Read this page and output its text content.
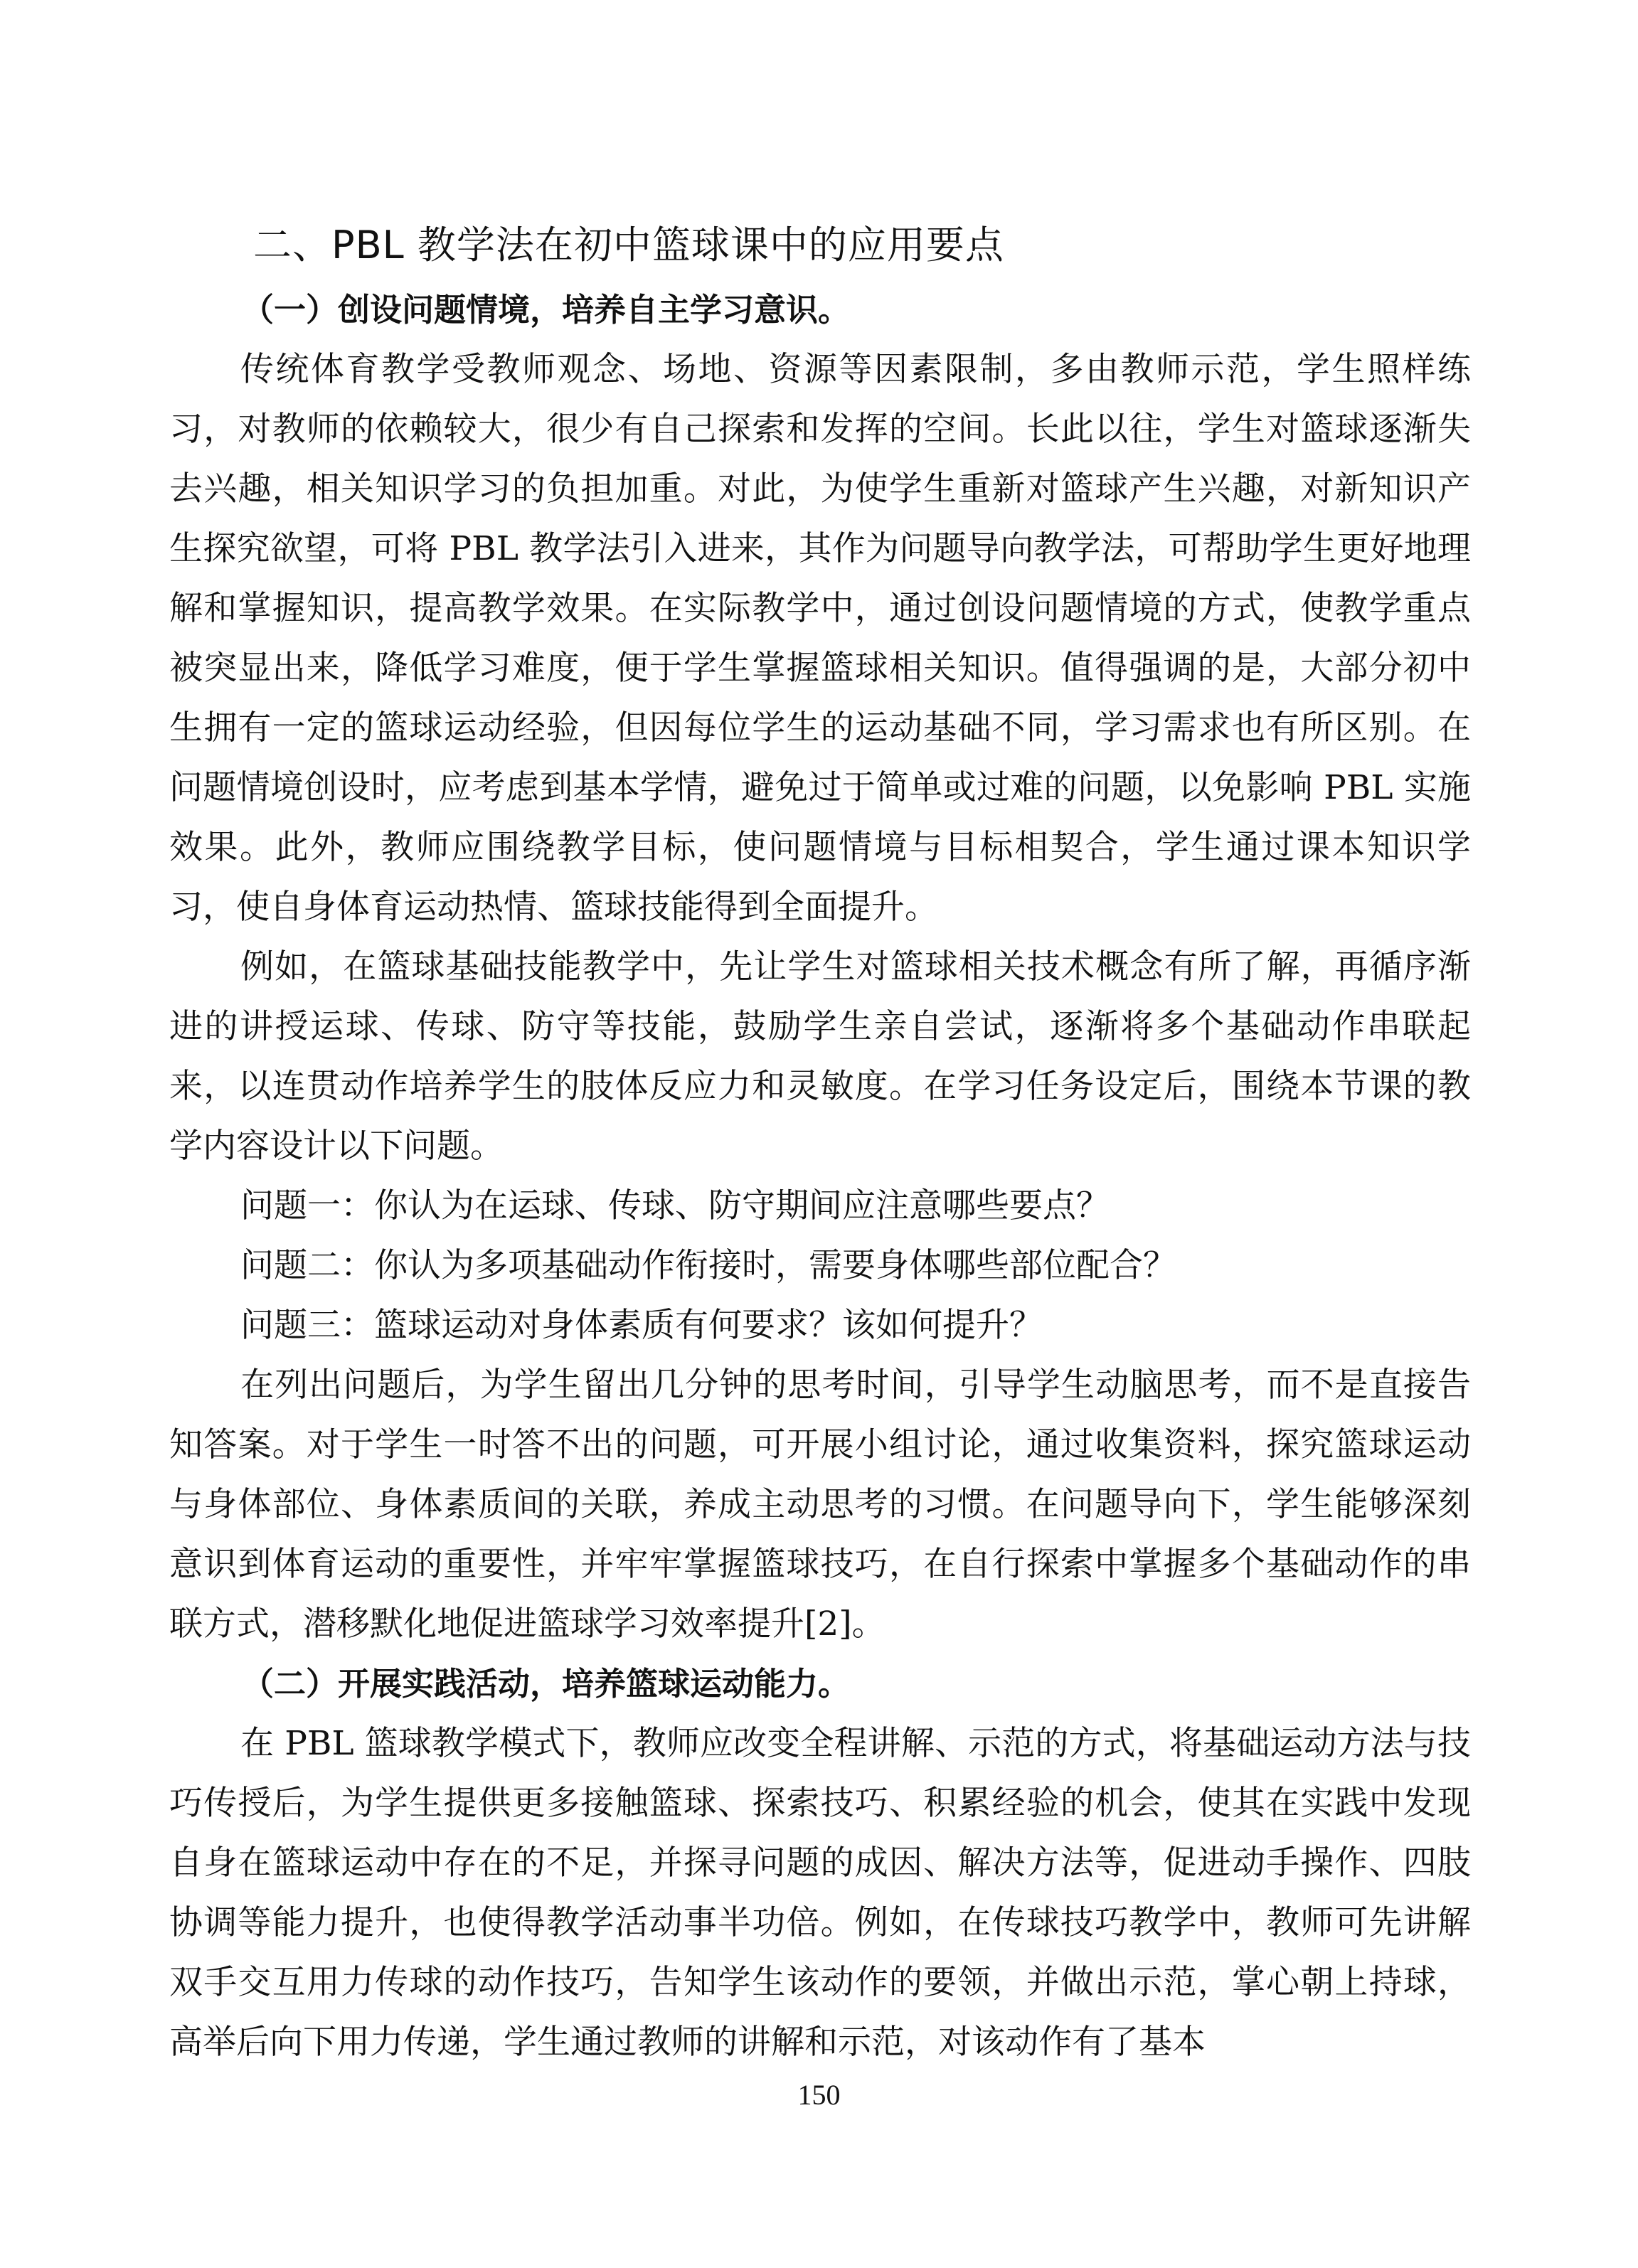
二、PBL 教学法在初中篮球课中的应用要点
（一）创设问题情境，培养自主学习意识。

传统体育教学受教师观念、场地、资源等因素限制，多由教师示范，学生照样练习，对教师的依赖较大，很少有自己探索和发挥的空间。长此以往，学生对篮球逐渐失去兴趣，相关知识学习的负担加重。对此，为使学生重新对篮球产生兴趣，对新知识产生探究欲望，可将 PBL 教学法引入进来，其作为问题导向教学法，可帮助学生更好地理解和掌握知识，提高教学效果。在实际教学中，通过创设问题情境的方式，使教学重点被突显出来，降低学习难度，便于学生掌握篮球相关知识。值得强调的是，大部分初中生拥有一定的篮球运动经验，但因每位学生的运动基础不同，学习需求也有所区别。在问题情境创设时，应考虑到基本学情，避免过于简单或过难的问题，以免影响 PBL 实施效果。此外，教师应围绕教学目标，使问题情境与目标相契合，学生通过课本知识学习，使自身体育运动热情、篮球技能得到全面提升。

例如，在篮球基础技能教学中，先让学生对篮球相关技术概念有所了解，再循序渐进的讲授运球、传球、防守等技能，鼓励学生亲自尝试，逐渐将多个基础动作串联起来，以连贯动作培养学生的肢体反应力和灵敏度。在学习任务设定后，围绕本节课的教学内容设计以下问题。

问题一：你认为在运球、传球、防守期间应注意哪些要点？

问题二：你认为多项基础动作衔接时，需要身体哪些部位配合？

问题三：篮球运动对身体素质有何要求？该如何提升？

在列出问题后，为学生留出几分钟的思考时间，引导学生动脑思考，而不是直接告知答案。对于学生一时答不出的问题，可开展小组讨论，通过收集资料，探究篮球运动与身体部位、身体素质间的关联，养成主动思考的习惯。在问题导向下，学生能够深刻意识到体育运动的重要性，并牢牢掌握篮球技巧，在自行探索中掌握多个基础动作的串联方式，潜移默化地促进篮球学习效率提升[2]。

（二）开展实践活动，培养篮球运动能力。

在 PBL 篮球教学模式下，教师应改变全程讲解、示范的方式，将基础运动方法与技巧传授后，为学生提供更多接触篮球、探索技巧、积累经验的机会，使其在实践中发现自身在篮球运动中存在的不足，并探寻问题的成因、解决方法等，促进动手操作、四肢协调等能力提升，也使得教学活动事半功倍。例如，在传球技巧教学中，教师可先讲解双手交互用力传球的动作技巧，告知学生该动作的要领，并做出示范，掌心朝上持球，高举后向下用力传递，学生通过教师的讲解和示范，对该动作有了基本

150
